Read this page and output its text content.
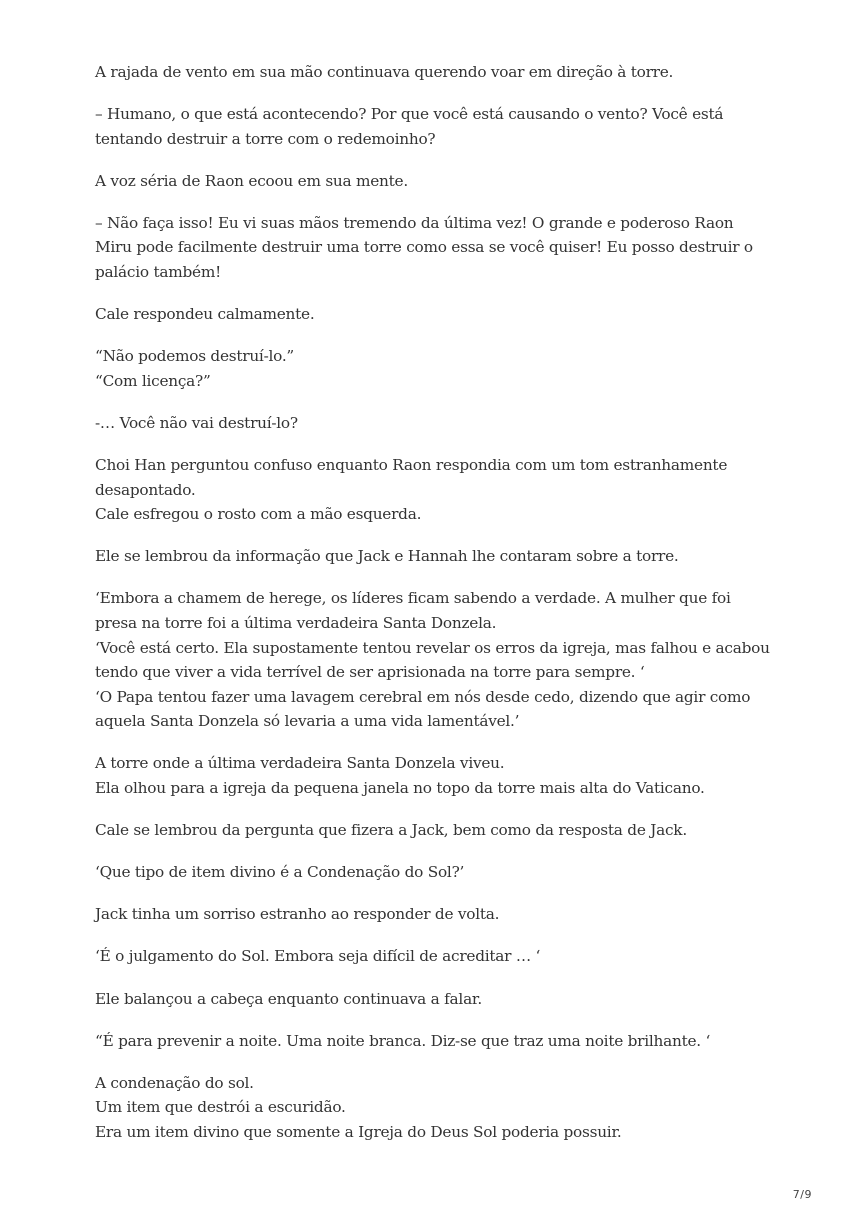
A rajada de vento em sua mão continuava querendo voar em direção à torre.

– Humano, o que está acontecendo? Por que você está causando o vento? Você está
tentando destruir a torre com o redemoinho?

A voz séria de Raon ecoou em sua mente.

– Não faça isso! Eu vi suas mãos tremendo da última vez! O grande e poderoso Raon
Miru pode facilmente destruir uma torre como essa se você quiser! Eu posso destruir o
palácio também!

Cale respondeu calmamente.

“Não podemos destruí-lo.”
“Com licença?”

-… Você não vai destruí-lo?

Choi Han perguntou confuso enquanto Raon respondia com um tom estranhamente
desapontado.
Cale esfregou o rosto com a mão esquerda.

Ele se lembrou da informação que Jack e Hannah lhe contaram sobre a torre.

‘Embora a chamem de herege, os líderes ficam sabendo a verdade. A mulher que foi
presa na torre foi a última verdadeira Santa Donzela.
‘Você está certo. Ela supostamente tentou revelar os erros da igreja, mas falhou e acabou
tendo que viver a vida terrível de ser aprisionada na torre para sempre. ‘
‘O Papa tentou fazer uma lavagem cerebral em nós desde cedo, dizendo que agir como
aquela Santa Donzela só levaria a uma vida lamentável.’

A torre onde a última verdadeira Santa Donzela viveu.
Ela olhou para a igreja da pequena janela no topo da torre mais alta do Vaticano.

Cale se lembrou da pergunta que fizera a Jack, bem como da resposta de Jack.

‘Que tipo de item divino é a Condenação do Sol?’

Jack tinha um sorriso estranho ao responder de volta.

‘É o julgamento do Sol. Embora seja difícil de acreditar … ‘

Ele balançou a cabeça enquanto continuava a falar.

“É para prevenir a noite. Uma noite branca. Diz-se que traz uma noite brilhante. ‘

A condenação do sol.
Um item que destrói a escuridão.
Era um item divino que somente a Igreja do Deus Sol poderia possuir.

7/9
